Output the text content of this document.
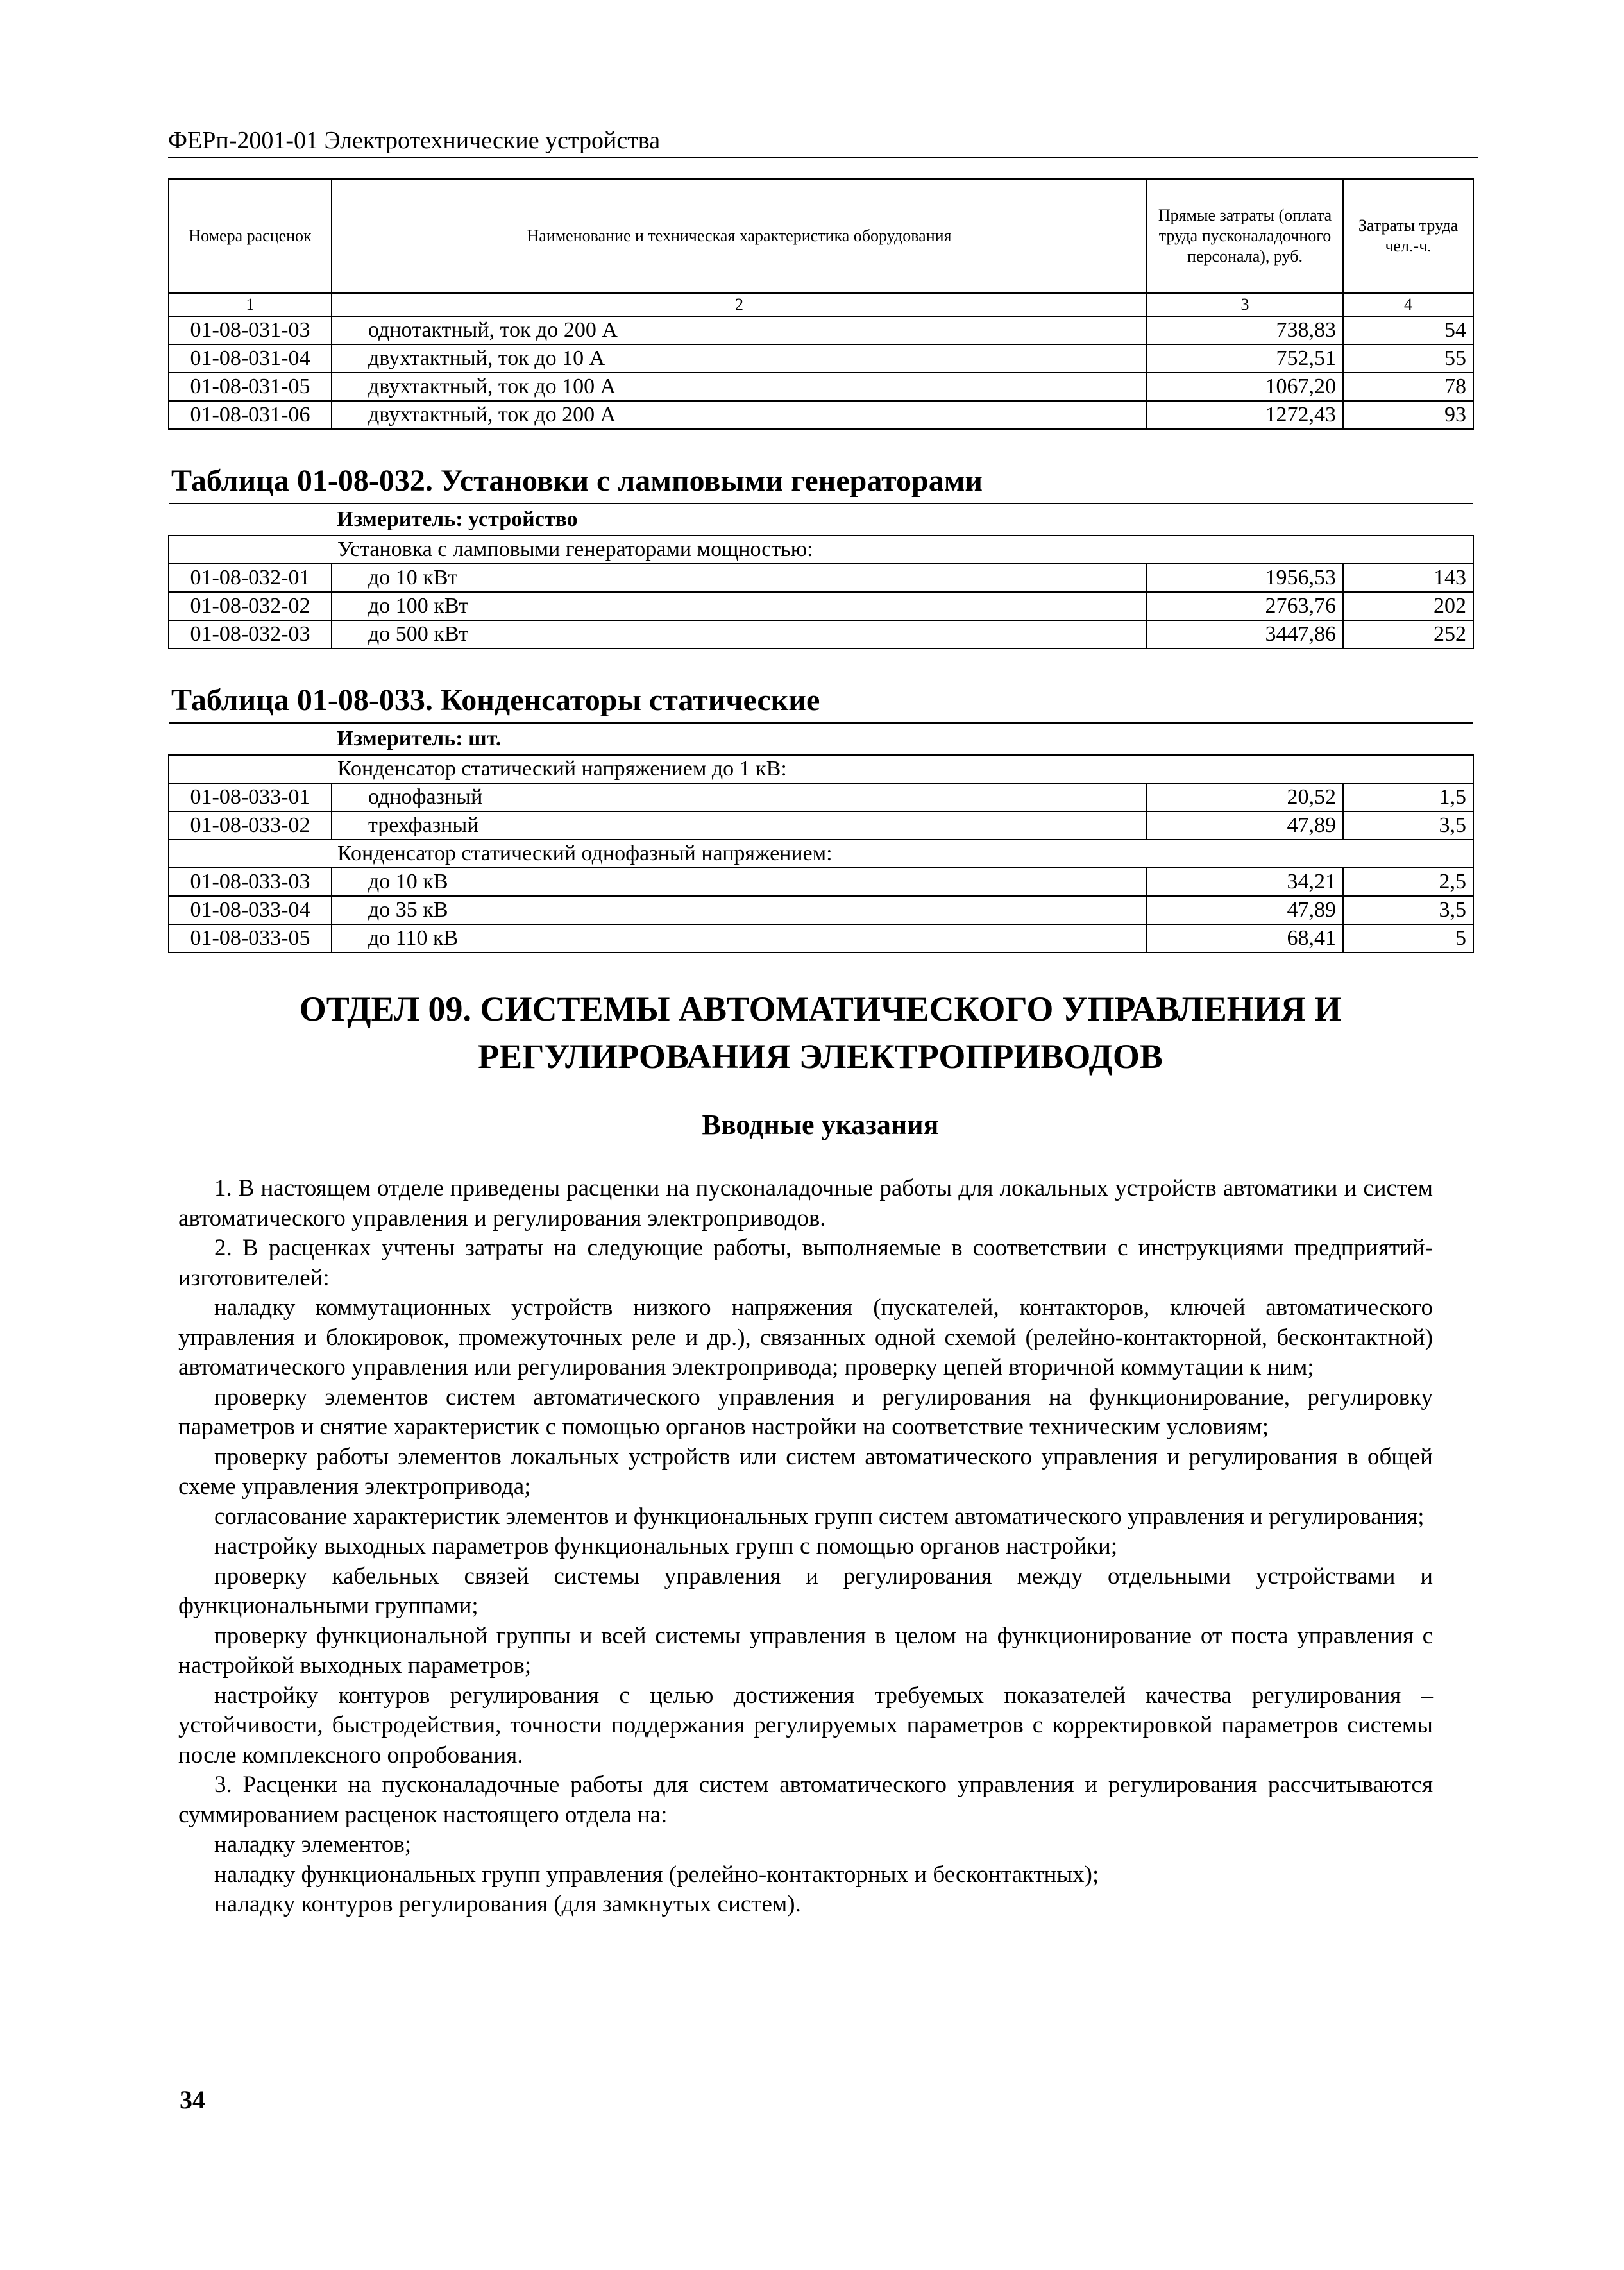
ФЕРп-2001-01 Электротехнические устройства
Номера расценок	Наименование и техническая характеристика оборудования	Прямые затраты (оплата труда пусконаладочного персонала), руб.	Затраты труда чел.-ч.
1	2	3	4
01-08-031-03	однотактный, ток до 200 А	738,83	54
01-08-031-04	двухтактный, ток до 10 А	752,51	55
01-08-031-05	двухтактный, ток до 100 А	1067,20	78
01-08-031-06	двухтактный, ток до 200 А	1272,43	93
Таблица 01-08-032. Установки с ламповыми генераторами			
Измеритель: устройство			
Установка с ламповыми генераторами мощностью:			
01-08-032-01	до 10 кВт	1956,53	143
01-08-032-02	до 100 кВт	2763,76	202
01-08-032-03	до 500 кВт	3447,86	252
Таблица 01-08-033. Конденсаторы статические			
Измеритель: шт.			
Конденсатор статический напряжением до 1 кВ:			
01-08-033-01	однофазный	20,52	1,5
01-08-033-02	трехфазный	47,89	3,5
Конденсатор статический однофазный напряжением:			
01-08-033-03	до 10 кВ	34,21	2,5
01-08-033-04	до 35 кВ	47,89	3,5
01-08-033-05	до 110 кВ	68,41	5
ОТДЕЛ 09. СИСТЕМЫ АВТОМАТИЧЕСКОГО УПРАВЛЕНИЯ И
РЕГУЛИРОВАНИЯ ЭЛЕКТРОПРИВОДОВ
Вводные указания

1. В настоящем отделе приведены расценки на пусконаладочные работы для локальных устройств автоматики и систем автоматического управления и регулирования электроприводов.

2. В расценках учтены затраты на следующие работы, выполняемые в соответствии с инструкциями предприятий-изготовителей:

наладку коммутационных устройств низкого напряжения (пускателей, контакторов, ключей автоматического управления и блокировок, промежуточных реле и др.), связанных одной схемой (релейно-контакторной, бесконтактной) автоматического управления или регулирования электропривода; проверку цепей вторичной коммутации к ним;

проверку элементов систем автоматического управления и регулирования на функционирование, регулировку параметров и снятие характеристик с помощью органов настройки на соответствие техническим условиям;

проверку работы элементов локальных устройств или систем автоматического управления и регулирования в общей схеме управления электропривода;

согласование характеристик элементов и функциональных групп систем автоматического управления и регулирования;

настройку выходных параметров функциональных групп с помощью органов настройки;

проверку кабельных связей системы управления и регулирования между отдельными устройствами и функциональными группами;

проверку функциональной группы и всей системы управления в целом на функционирование от поста управления с настройкой выходных параметров;

настройку контуров регулирования с целью достижения требуемых показателей качества регулирования – устойчивости, быстродействия, точности поддержания регулируемых параметров с корректировкой параметров системы после комплексного опробования.

3. Расценки на пусконаладочные работы для систем автоматического управления и регулирования рассчитываются суммированием расценок настоящего отдела на:

наладку элементов;

наладку функциональных групп управления (релейно-контакторных и бесконтактных);

наладку контуров регулирования (для замкнутых систем).

34
